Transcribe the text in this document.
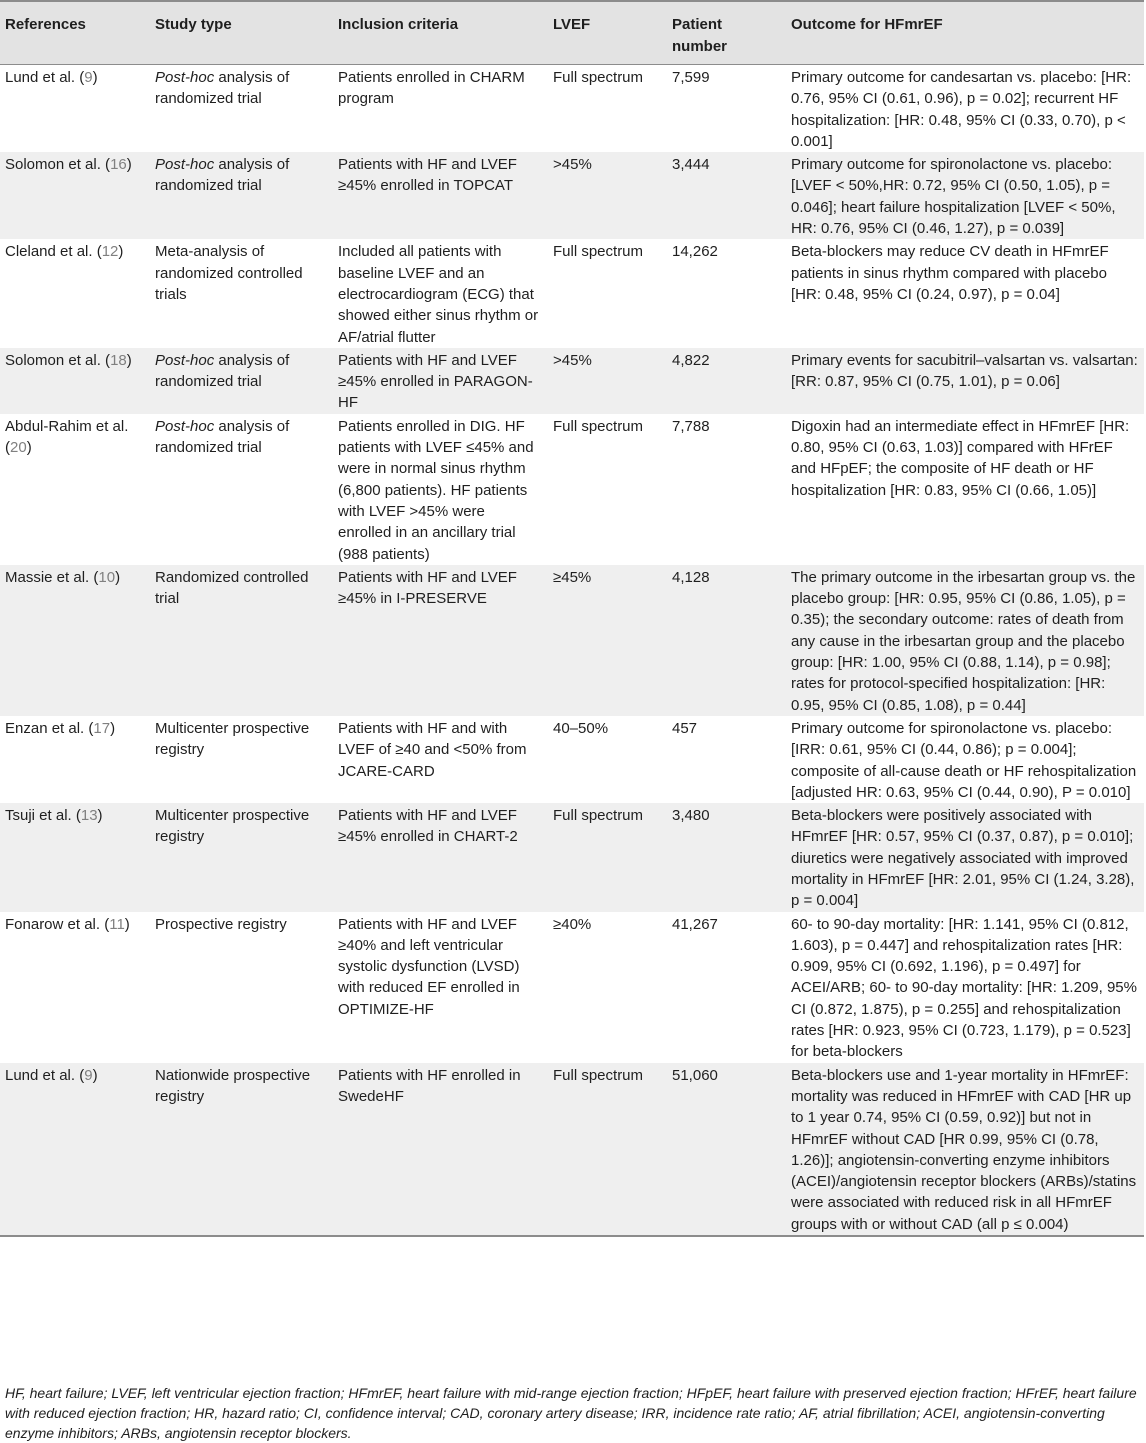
References	Study type	Inclusion criteria	LVEF	Patient number	Outcome for HFmrEF
Lund et al. (9)	Post-hoc analysis of randomized trial	Patients enrolled in CHARM program	Full spectrum	7,599	Primary outcome for candesartan vs. placebo: [HR: 0.76, 95% CI (0.61, 0.96), p = 0.02]; recurrent HF hospitalization: [HR: 0.48, 95% CI (0.33, 0.70), p < 0.001]
Solomon et al. (16)	Post-hoc analysis of randomized trial	Patients with HF and LVEF ≥45% enrolled in TOPCAT	>45%	3,444	Primary outcome for spironolactone vs. placebo: [LVEF < 50%,HR: 0.72, 95% CI (0.50, 1.05), p = 0.046]; heart failure hospitalization [LVEF < 50%, HR: 0.76, 95% CI (0.46, 1.27), p = 0.039]
Cleland et al. (12)	Meta-analysis of randomized controlled trials	Included all patients with baseline LVEF and an electrocardiogram (ECG) that showed either sinus rhythm or AF/atrial flutter	Full spectrum	14,262	Beta-blockers may reduce CV death in HFmrEF patients in sinus rhythm compared with placebo [HR: 0.48, 95% CI (0.24, 0.97), p = 0.04]
Solomon et al. (18)	Post-hoc analysis of randomized trial	Patients with HF and LVEF ≥45% enrolled in PARAGON-HF	>45%	4,822	Primary events for sacubitril–valsartan vs. valsartan: [RR: 0.87, 95% CI (0.75, 1.01), p = 0.06]
Abdul-Rahim et al. (20)	Post-hoc analysis of randomized trial	Patients enrolled in DIG. HF patients with LVEF ≤45% and were in normal sinus rhythm (6,800 patients). HF patients with LVEF >45% were enrolled in an ancillary trial (988 patients)	Full spectrum	7,788	Digoxin had an intermediate effect in HFmrEF [HR: 0.80, 95% CI (0.63, 1.03)] compared with HFrEF and HFpEF; the composite of HF death or HF hospitalization [HR: 0.83, 95% CI (0.66, 1.05)]
Massie et al. (10)	Randomized controlled trial	Patients with HF and LVEF ≥45% in I-PRESERVE	≥45%	4,128	The primary outcome in the irbesartan group vs. the placebo group: [HR: 0.95, 95% CI (0.86, 1.05), p = 0.35); the secondary outcome: rates of death from any cause in the irbesartan group and the placebo group: [HR: 1.00, 95% CI (0.88, 1.14), p = 0.98]; rates for protocol-specified hospitalization: [HR: 0.95, 95% CI (0.85, 1.08), p = 0.44]
Enzan et al. (17)	Multicenter prospective registry	Patients with HF and with LVEF of ≥40 and <50% from JCARE-CARD	40–50%	457	Primary outcome for spironolactone vs. placebo: [IRR: 0.61, 95% CI (0.44, 0.86); p = 0.004]; composite of all-cause death or HF rehospitalization [adjusted HR: 0.63, 95% CI (0.44, 0.90), P = 0.010]
Tsuji et al. (13)	Multicenter prospective registry	Patients with HF and LVEF ≥45% enrolled in CHART-2	Full spectrum	3,480	Beta-blockers were positively associated with HFmrEF [HR: 0.57, 95% CI (0.37, 0.87), p = 0.010]; diuretics were negatively associated with improved mortality in HFmrEF [HR: 2.01, 95% CI (1.24, 3.28), p = 0.004]
Fonarow et al. (11)	Prospective registry	Patients with HF and LVEF ≥40% and left ventricular systolic dysfunction (LVSD) with reduced EF enrolled in OPTIMIZE-HF	≥40%	41,267	60- to 90-day mortality: [HR: 1.141, 95% CI (0.812, 1.603), p = 0.447] and rehospitalization rates [HR: 0.909, 95% CI (0.692, 1.196), p = 0.497] for ACEI/ARB; 60- to 90-day mortality: [HR: 1.209, 95% CI (0.872, 1.875), p = 0.255] and rehospitalization rates [HR: 0.923, 95% CI (0.723, 1.179), p = 0.523] for beta-blockers
Lund et al. (9)	Nationwide prospective registry	Patients with HF enrolled in SwedeHF	Full spectrum	51,060	Beta-blockers use and 1-year mortality in HFmrEF: mortality was reduced in HFmrEF with CAD [HR up to 1 year 0.74, 95% CI (0.59, 0.92)] but not in HFmrEF without CAD [HR 0.99, 95% CI (0.78, 1.26)]; angiotensin-converting enzyme inhibitors (ACEI)/angiotensin receptor blockers (ARBs)/statins were associated with reduced risk in all HFmrEF groups with or without CAD (all p ≤ 0.004)
HF, heart failure; LVEF, left ventricular ejection fraction; HFmrEF, heart failure with mid-range ejection fraction; HFpEF, heart failure with preserved ejection fraction; HFrEF, heart failure with reduced ejection fraction; HR, hazard ratio; CI, confidence interval; CAD, coronary artery disease; IRR, incidence rate ratio; AF, atrial fibrillation; ACEI, angiotensin-converting enzyme inhibitors; ARBs, angiotensin receptor blockers.
